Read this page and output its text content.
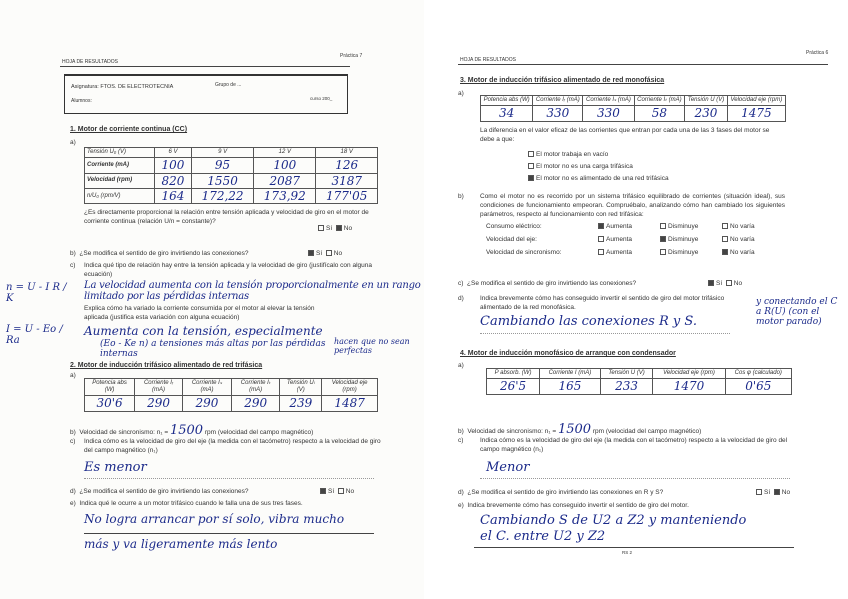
HOJA DE RESULTADOS
Práctica 7
Asignatura: FTOS. DE ELECTROTECNIA	Grupo de ...
Alumnos:	curso 200_
1. Motor de corriente continua (CC)
a)
Tensión U₀ (V)	6 V	9 V	12 V	18 V
Corriente (mA)	100	95	100	126
Velocidad (rpm)	820	1550	2087	3187
n/U₀ (rpm/V)	164	172,22	173,92	177'05
¿Es directamente proporcional la relación entre tensión aplicada y velocidad de giro en el motor de corriente continua (relación U/n = constante)?
Sí No
b) ¿Se modifica el sentido de giro invirtiendo las conexiones?	Sí No
c) Indica qué tipo de relación hay entre la tensión aplicada y la velocidad de giro (justifícalo con alguna ecuación)
n = U - I R / K
La velocidad aumenta con la tensión proporcionalmente en un rango limitado por las pérdidas internas
Explica cómo ha variado la corriente consumida por el motor al elevar la tensión aplicada (justifica esta variación con alguna ecuación)
I = U - Eo / Ra
Aumenta con la tensión, especialmente
(Eo - Ke n) a tensiones más altas por las pérdidas internas
hacen que no sean perfectas
2. Motor de inducción trifásico alimentado de red trifásica
a)
Potencia abs (W)	Corriente Iᵣ (mA)	Corriente Iₛ (mA)	Corriente Iₜ (mA)	Tensión Uₗ (V)	Velocidad eje (rpm)
30'6	290	290	290	239	1487
b) Velocidad de sincronismo: n₁ = 1500 rpm (velocidad del campo magnético)
c) Indica cómo es la velocidad de giro del eje (la medida con el tacómetro) respecto a la velocidad de giro del campo magnético (n₁)
Es menor
d) ¿Se modifica el sentido de giro invirtiendo las conexiones?	Sí No
e) Indica qué le ocurre a un motor trifásico cuando le falla una de sus tres fases.
No logra arrancar por sí solo, vibra mucho
más y va ligeramente más lento
HOJA DE RESULTADOS
Práctica 6
3. Motor de inducción trifásico alimentado de red monofásica
a)
Potencia abs (W)	Corriente Iᵣ (mA)	Corriente Iₛ (mA)	Corriente Iₜ (mA)	Tensión U (V)	Velocidad eje (rpm)
34	330	330	58	230	1475
La diferencia en el valor eficaz de las corrientes que entran por cada una de las 3 fases del motor se debe a que:
El motor trabaja en vacío
El motor no es una carga trifásica
El motor no es alimentado de una red trifásica
b) Como el motor no es recorrido por un sistema trifásico equilibrado de corrientes (situación ideal), sus condiciones de funcionamiento empeoran. Compruébalo, analizando cómo han cambiado los siguientes parámetros, respecto al funcionamiento con red trifásica:
Consumo eléctrico:	Aumenta	Disminuye	No varía
Velocidad del eje:	Aumenta	Disminuye	No varía
Velocidad de sincronismo:	Aumenta	Disminuye	No varía
c) ¿Se modifica el sentido de giro invirtiendo las conexiones?	Sí No
d) Indica brevemente cómo has conseguido invertir el sentido de giro del motor trifásico alimentado de la red monofásica.
Cambiando las conexiones R y S.
y conectando el C a R(U) (con el motor parado)
4. Motor de inducción monofásico de arranque con condensador
a)
P absorb. (W)	Corriente I (mA)	Tensión U (V)	Velocidad eje (rpm)	Cos φ (calculado)
26'5	165	233	1470	0'65
b) Velocidad de sincronismo: n₁ = 1500 rpm (velocidad del campo magnético)
c)	Indica cómo es la velocidad de giro del eje (la medida con el tacómetro) respecto a la velocidad de giro del campo magnético (n₁)
Menor
d) ¿Se modifica el sentido de giro invirtiendo las conexiones en R y S?	Sí No
e) Indica brevemente cómo has conseguido invertir el sentido de giro del motor.
Cambiando S de U2 a Z2 y manteniendo
el C. entre U2 y Z2
RS 2
